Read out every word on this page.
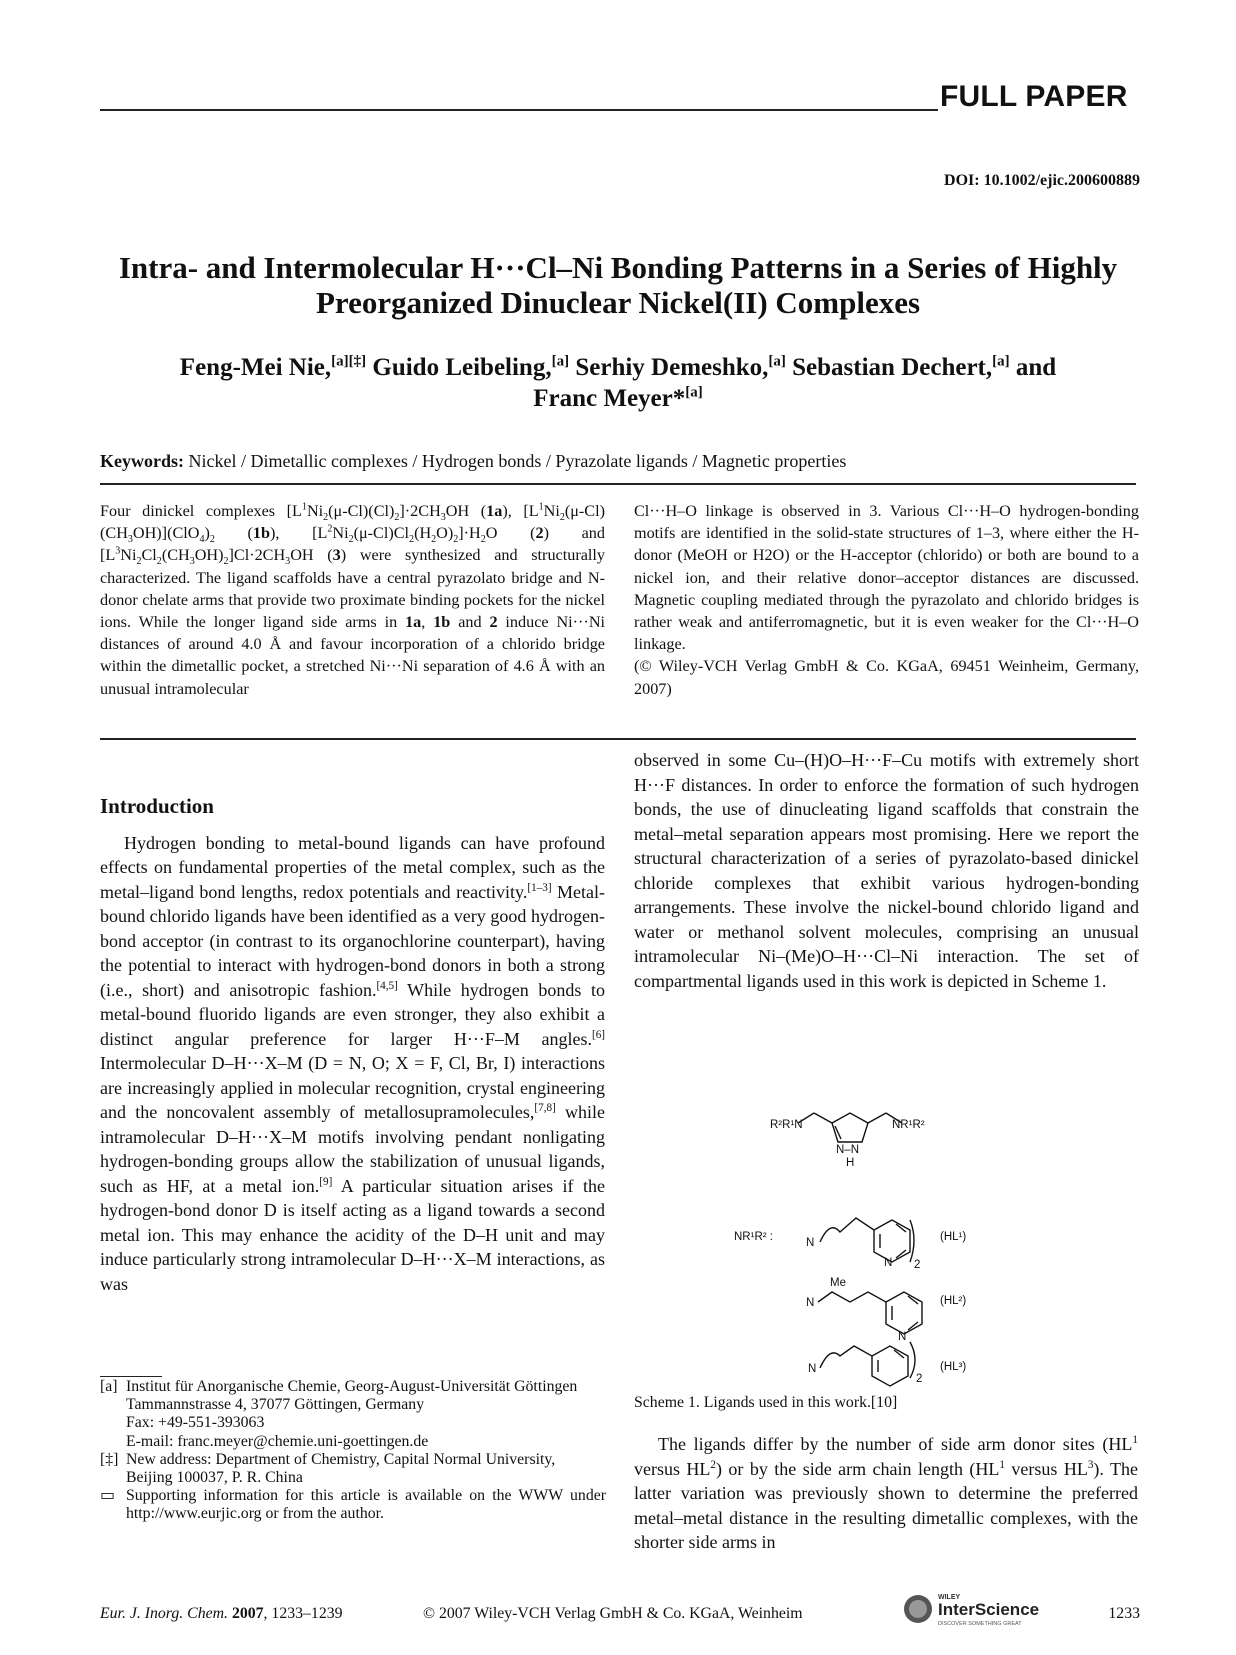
FULL PAPER
DOI: 10.1002/ejic.200600889
Intra- and Intermolecular H···Cl–Ni Bonding Patterns in a Series of Highly Preorganized Dinuclear Nickel(II) Complexes
Feng-Mei Nie,[a][‡] Guido Leibeling,[a] Serhiy Demeshko,[a] Sebastian Dechert,[a] and
Franc Meyer*[a]
Keywords: Nickel / Dimetallic complexes / Hydrogen bonds / Pyrazolate ligands / Magnetic properties

Four dinickel complexes $[L^1Ni_2(\mu-Cl)(Cl)_2]\cdot 2CH_3OH$ (1a), $[L^1Ni_2(\mu-Cl)(CH_3OH)](ClO_4)_2$ (1b), $[L^2Ni_2(\mu-Cl)Cl_2(H_2O)_2]\cdot H_2O$ (2) and $[L^3Ni_2Cl_2(CH_3OH)_2]Cl\cdot 2CH_3OH$ (3) were synthesized and structurally characterized. The ligand scaffolds have a central pyrazolato bridge and N-donor chelate arms that provide two proximate binding pockets for the nickel ions. While the longer ligand side arms in 1a, 1b and 2 induce Ni···Ni distances of around 4.0 Å and favour incorporation of a chlorido bridge within the dimetallic pocket, a stretched Ni···Ni separation of 4.6 Å with an unusual intramolecular

Cl···H–O linkage is observed in 3. Various Cl···H–O hydrogen-bonding motifs are identified in the solid-state structures of 1–3, where either the H-donor (MeOH or H2O) or the H-acceptor (chlorido) or both are bound to a nickel ion, and their relative donor–acceptor distances are discussed. Magnetic coupling mediated through the pyrazolato and chlorido bridges is rather weak and antiferromagnetic, but it is even weaker for the Cl···H–O linkage.

(© Wiley-VCH Verlag GmbH & Co. KGaA, 69451 Weinheim, Germany, 2007)

Introduction

Hydrogen bonding to metal-bound ligands can have profound effects on fundamental properties of the metal complex, such as the metal–ligand bond lengths, redox potentials and reactivity.[1–3] Metal-bound chlorido ligands have been identified as a very good hydrogen-bond acceptor (in contrast to its organochlorine counterpart), having the potential to interact with hydrogen-bond donors in both a strong (i.e., short) and anisotropic fashion.[4,5] While hydrogen bonds to metal-bound fluorido ligands are even stronger, they also exhibit a distinct angular preference for larger H···F–M angles.[6] Intermolecular D–H···X–M (D = N, O; X = F, Cl, Br, I) interactions are increasingly applied in molecular recognition, crystal engineering and the noncovalent assembly of metallosupramolecules,[7,8] while intramolecular D–H···X–M motifs involving pendant nonligating hydrogen-bonding groups allow the stabilization of unusual ligands, such as HF, at a metal ion.[9] A particular situation arises if the hydrogen-bond donor D is itself acting as a ligand towards a second metal ion. This may enhance the acidity of the D–H unit and may induce particularly strong intramolecular D–H···X–M interactions, as was

observed in some Cu–(H)O–H···F–Cu motifs with extremely short H···F distances. In order to enforce the formation of such hydrogen bonds, the use of dinucleating ligand scaffolds that constrain the metal–metal separation appears most promising. Here we report the structural characterization of a series of pyrazolato-based dinickel chloride complexes that exhibit various hydrogen-bonding arrangements. These involve the nickel-bound chlorido ligand and water or methanol solvent molecules, comprising an unusual intramolecular Ni–(Me)O–H···Cl–Ni interaction. The set of compartmental ligands used in this work is depicted in Scheme 1.

R²R¹N	NR¹R²
N–N
H
NR¹R² :	N
N 2
(HL¹)
N
Me
N
(HL²)
N
2
(HL³)
Scheme 1. Ligands used in this work.[10]

The ligands differ by the number of side arm donor sites ($HL^1$ versus $HL^2$) or by the side arm chain length ($HL^1$ versus $HL^3$). The latter variation was previously shown to determine the preferred metal–metal distance in the resulting dimetallic complexes, with the shorter side arms in

[a] Institut für Anorganische Chemie, Georg-August-Universität Göttingen
Tammannstrasse 4, 37077 Göttingen, Germany
Fax: +49-551-393063
E-mail: franc.meyer@chemie.uni-goettingen.de
[‡] New address: Department of Chemistry, Capital Normal University,
Beijing 100037, P. R. China
▭ Supporting information for this article is available on the WWW under http://www.eurjic.org or from the author.
Eur. J. Inorg. Chem. 2007, 1233–1239	© 2007 Wiley-VCH Verlag GmbH & Co. KGaA, Weinheim
WILEY
InterScience
DISCOVER SOMETHING GREAT
1233
